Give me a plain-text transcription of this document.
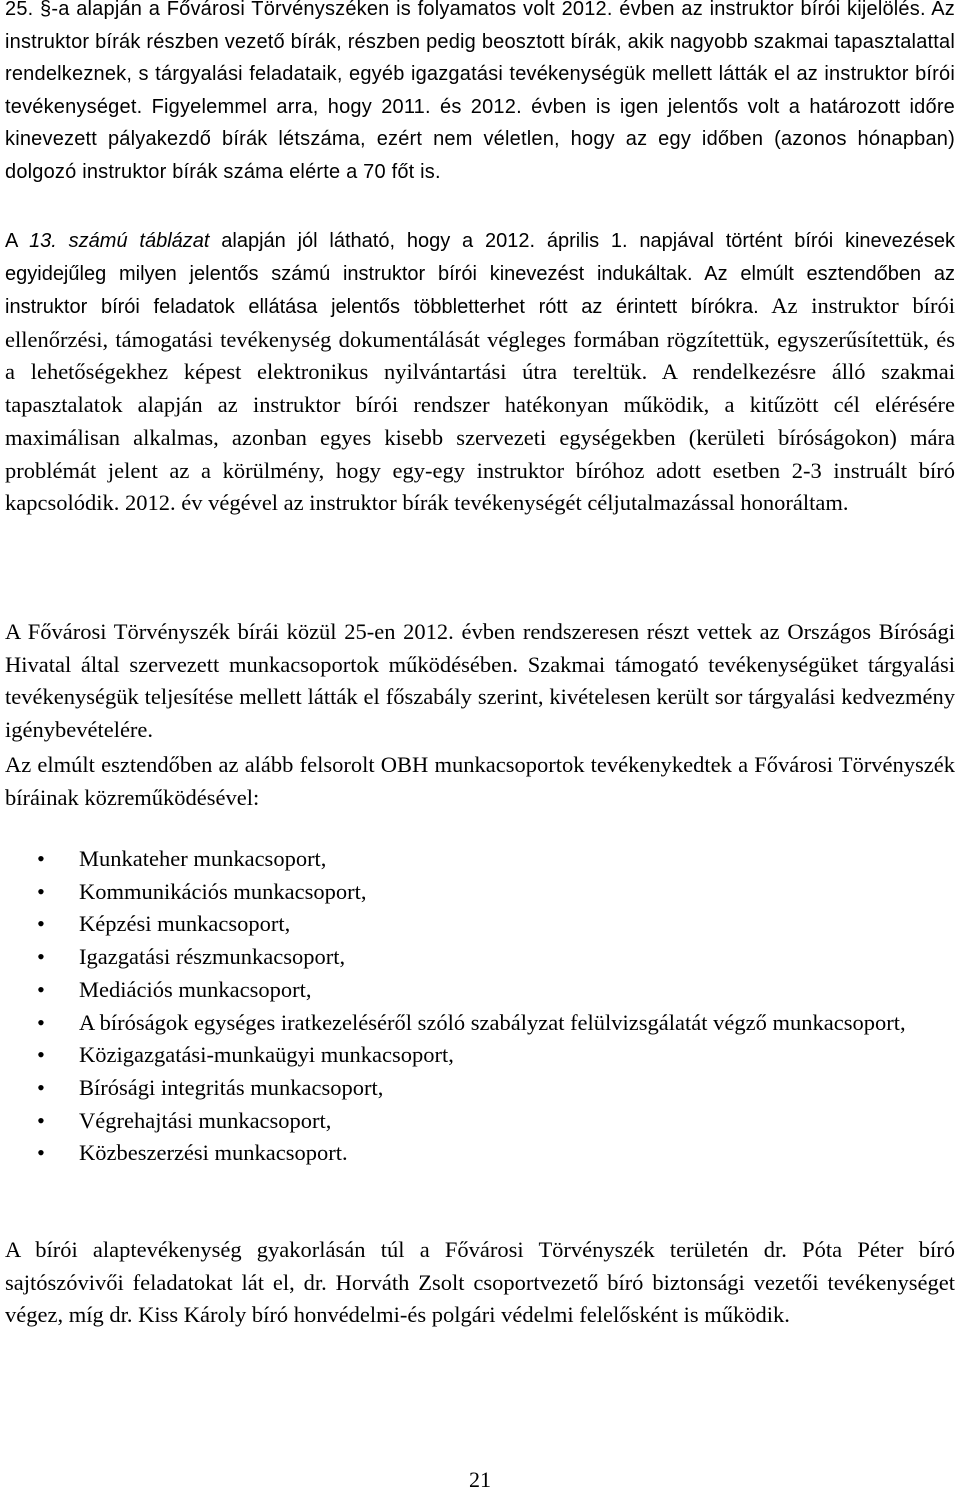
25. §-a alapján a Fővárosi Törvényszéken is folyamatos volt 2012. évben az instruktor bírói kijelölés. Az instruktor bírák részben vezető bírák, részben pedig beosztott bírák, akik nagyobb szakmai tapasztalattal rendelkeznek, s tárgyalási feladataik, egyéb igazgatási tevékenységük mellett látták el az instruktor bírói tevékenységet. Figyelemmel arra, hogy 2011. és 2012. évben is igen jelentős volt a határozott időre kinevezett pályakezdő bírák létszáma, ezért nem véletlen, hogy az egy időben (azonos hónapban) dolgozó instruktor bírák száma elérte a 70 főt is.

A 13. számú táblázat alapján jól látható, hogy a 2012. április 1. napjával történt bírói kinevezések egyidejűleg milyen jelentős számú instruktor bírói kinevezést indukáltak. Az elmúlt esztendőben az instruktor bírói feladatok ellátása jelentős többletterhet rótt az érintett bírókra. Az instruktor bírói ellenőrzési, támogatási tevékenység dokumentálását végleges formában rögzítettük, egyszerűsítettük, és a lehetőségekhez képest elektronikus nyilvántartási útra tereltük. A rendelkezésre álló szakmai tapasztalatok alapján az instruktor bírói rendszer hatékonyan működik, a kitűzött cél elérésére maximálisan alkalmas, azonban egyes kisebb szervezeti egységekben (kerületi bíróságokon) mára problémát jelent az a körülmény, hogy egy-egy instruktor bíróhoz adott esetben 2-3 instruált bíró kapcsolódik. 2012. év végével az instruktor bírák tevékenységét céljutalmazással honoráltam.

A Fővárosi Törvényszék bírái közül 25-en 2012. évben rendszeresen részt vettek az Országos Bírósági Hivatal által szervezett munkacsoportok működésében. Szakmai támogató tevékenységüket tárgyalási tevékenységük teljesítése mellett látták el főszabály szerint, kivételesen került sor tárgyalási kedvezmény igénybevételére.

Az elmúlt esztendőben az alább felsorolt OBH munkacsoportok tevékenykedtek a Fővárosi Törvényszék bíráinak közreműködésével:

• Munkateher munkacsoport,
• Kommunikációs munkacsoport,
• Képzési munkacsoport,
• Igazgatási részmunkacsoport,
• Mediációs munkacsoport,
• A bíróságok egységes iratkezeléséről szóló szabályzat felülvizsgálatát végző munkacsoport,
• Közigazgatási-munkaügyi munkacsoport,
• Bírósági integritás munkacsoport,
• Végrehajtási munkacsoport,
• Közbeszerzési munkacsoport.

A bírói alaptevékenység gyakorlásán túl a Fővárosi Törvényszék területén dr. Póta Péter bíró sajtószóvivői feladatokat lát el, dr. Horváth Zsolt csoportvezető bíró biztonsági vezetői tevékenységet végez, míg dr. Kiss Károly bíró honvédelmi-és polgári védelmi felelősként is működik.

21
